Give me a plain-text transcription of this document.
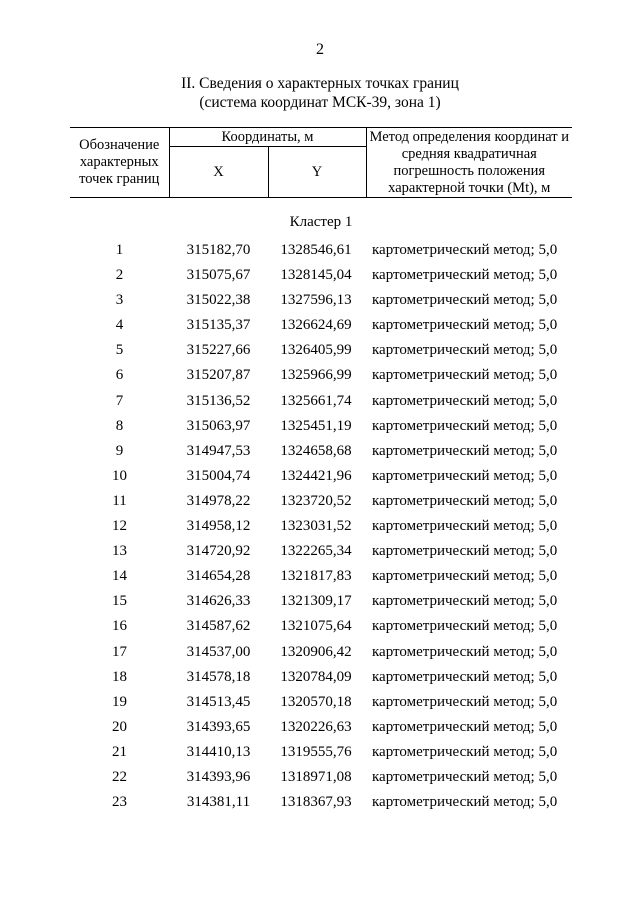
2
II. Сведения о характерных точках границ
(система координат МСК-39, зона 1)
Обозначение характерных точек границ	Координаты, м		Метод определения координат и средняя квадратичная погрешность положения характерной точки (Mt), м
	X	Y	
Кластер 1
1	315182,70	1328546,61	картометрический метод; 5,0
2	315075,67	1328145,04	картометрический метод; 5,0
3	315022,38	1327596,13	картометрический метод; 5,0
4	315135,37	1326624,69	картометрический метод; 5,0
5	315227,66	1326405,99	картометрический метод; 5,0
6	315207,87	1325966,99	картометрический метод; 5,0
7	315136,52	1325661,74	картометрический метод; 5,0
8	315063,97	1325451,19	картометрический метод; 5,0
9	314947,53	1324658,68	картометрический метод; 5,0
10	315004,74	1324421,96	картометрический метод; 5,0
11	314978,22	1323720,52	картометрический метод; 5,0
12	314958,12	1323031,52	картометрический метод; 5,0
13	314720,92	1322265,34	картометрический метод; 5,0
14	314654,28	1321817,83	картометрический метод; 5,0
15	314626,33	1321309,17	картометрический метод; 5,0
16	314587,62	1321075,64	картометрический метод; 5,0
17	314537,00	1320906,42	картометрический метод; 5,0
18	314578,18	1320784,09	картометрический метод; 5,0
19	314513,45	1320570,18	картометрический метод; 5,0
20	314393,65	1320226,63	картометрический метод; 5,0
21	314410,13	1319555,76	картометрический метод; 5,0
22	314393,96	1318971,08	картометрический метод; 5,0
23	314381,11	1318367,93	картометрический метод; 5,0
